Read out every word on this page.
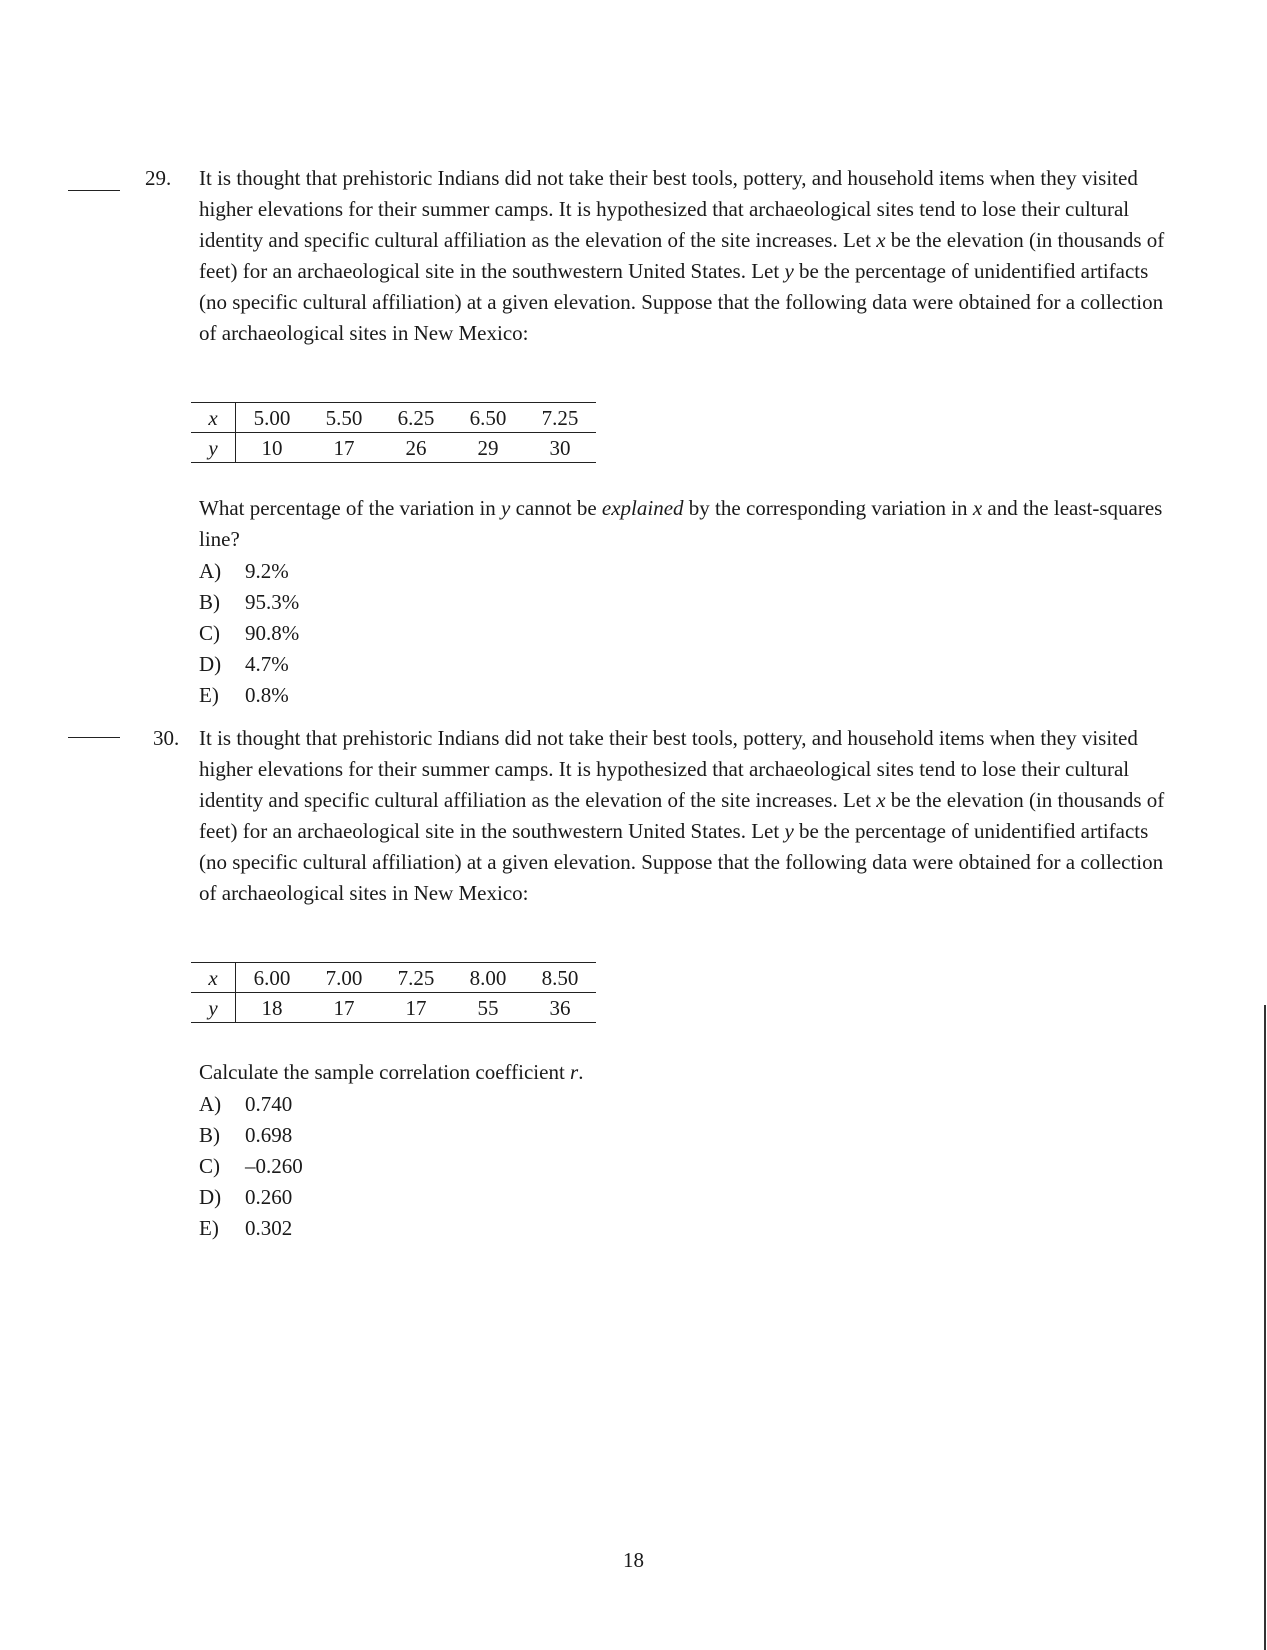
29. It is thought that prehistoric Indians did not take their best tools, pottery, and household items when they visited higher elevations for their summer camps. It is hypothesized that archaeological sites tend to lose their cultural identity and specific cultural affiliation as the elevation of the site increases. Let x be the elevation (in thousands of feet) for an archaeological site in the southwestern United States. Let y be the percentage of unidentified artifacts (no specific cultural affiliation) at a given elevation. Suppose that the following data were obtained for a collection of archaeological sites in New Mexico:
x	5.00	5.50	6.25	6.50	7.25
y	10	17	26	29	30
What percentage of the variation in y cannot be explained by the corresponding variation in x and the least-squares line?
A) 9.2%
B) 95.3%
C) 90.8%
D) 4.7%
E) 0.8%
30. It is thought that prehistoric Indians did not take their best tools, pottery, and household items when they visited higher elevations for their summer camps. It is hypothesized that archaeological sites tend to lose their cultural identity and specific cultural affiliation as the elevation of the site increases. Let x be the elevation (in thousands of feet) for an archaeological site in the southwestern United States. Let y be the percentage of unidentified artifacts (no specific cultural affiliation) at a given elevation. Suppose that the following data were obtained for a collection of archaeological sites in New Mexico:
x	6.00	7.00	7.25	8.00	8.50
y	18	17	17	55	36
Calculate the sample correlation coefficient r.
A) 0.740
B) 0.698
C) –0.260
D) 0.260
E) 0.302
18
